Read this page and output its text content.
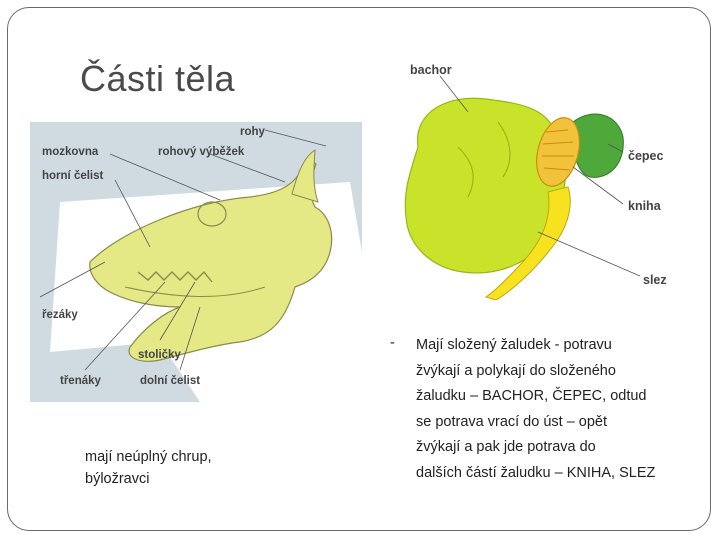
Části těla
rohy
mozkovna	rohový výběžek
horní čelist
řezáky
stoličky
třenáky	dolní čelist
bachor
čepec
kniha
slez
mají neúplný chrup,
býložravci
- Mají složený žaludek - potravu
žvýkají a polykají do složeného
žaludku – BACHOR, ČEPEC, odtud
se potrava vrací do úst – opět
žvýkají a pak jde potrava do
dalších částí žaludku – KNIHA, SLEZ
